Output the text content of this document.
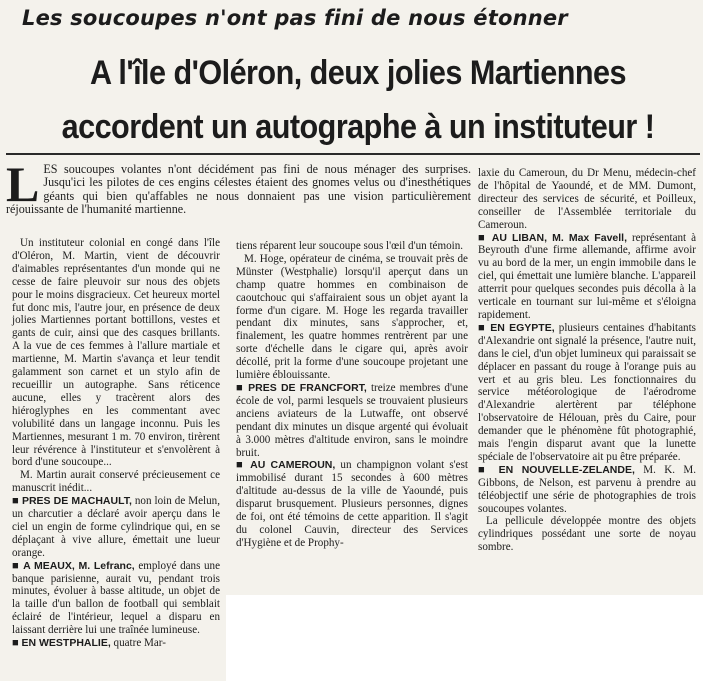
Les soucoupes n'ont pas fini de nous étonner
A l'île d'Oléron, deux jolies Martiennes
accordent un autographe à un instituteur !
LES soucoupes volantes n'ont décidément pas fini de nous ménager des surprises. Jusqu'ici les pilotes de ces engins célestes étaient des gnomes velus ou d'inesthétiques géants qui bien qu'affables ne nous donnaient pas une vision particulièrement réjouissante de l'humanité martienne.

Un instituteur colonial en congé dans l'île d'Oléron, M. Martin, vient de découvrir d'aimables représentantes d'un monde qui ne cesse de faire pleuvoir sur nous des objets pour le moins disgracieux. Cet heureux mortel fut donc mis, l'autre jour, en présence de deux jolies Martiennes portant bottillons, vestes et gants de cuir, ainsi que des casques brillants. A la vue de ces femmes à l'allure martiale et martienne, M. Martin s'avança et leur tendit galamment son carnet et un stylo afin de recueillir un autographe. Sans réticence aucune, elles y tracèrent alors des hiéroglyphes en les commentant avec volubilité dans un langage inconnu. Puis les Martiennes, mesurant 1 m. 70 environ, tirèrent leur révérence à l'instituteur et s'envolèrent à bord d'une soucoupe...

M. Martin aurait conservé précieusement ce manuscrit inédit...

■ PRES DE MACHAULT, non loin de Melun, un charcutier a déclaré avoir aperçu dans le ciel un engin de forme cylindrique qui, en se déplaçant à vive allure, émettait une lueur orange.

■ A MEAUX, M. Lefranc, employé dans une banque parisienne, aurait vu, pendant trois minutes, évoluer à basse altitude, un objet de la taille d'un ballon de football qui semblait éclairé de l'intérieur, lequel a disparu en laissant derrière lui une traînée lumineuse.

■ EN WESTPHALIE, quatre Mar-

tiens réparent leur soucoupe sous l'œil d'un témoin.

M. Hoge, opérateur de cinéma, se trouvait près de Münster (Westphalie) lorsqu'il aperçut dans un champ quatre hommes en combinaison de caoutchouc qui s'affairaient sous un objet ayant la forme d'un cigare. M. Hoge les regarda travailler pendant dix minutes, sans s'approcher, et, finalement, les quatre hommes rentrèrent par une sorte d'échelle dans le cigare qui, après avoir décollé, prit la forme d'une soucoupe projetant une lumière éblouissante.

■ PRES DE FRANCFORT, treize membres d'une école de vol, parmi lesquels se trouvaient plusieurs anciens aviateurs de la Lutwaffe, ont observé pendant dix minutes un disque argenté qui évoluait à 3.000 mètres d'altitude environ, sans le moindre bruit.

■ AU CAMEROUN, un champignon volant s'est immobilisé durant 15 secondes à 600 mètres d'altitude au-dessus de la ville de Yaoundé, puis disparut brusquement. Plusieurs personnes, dignes de foi, ont été témoins de cette apparition. Il s'agit du colonel Cauvin, directeur des Services d'Hygiène et de Prophy-

laxie du Cameroun, du Dr Menu, médecin-chef de l'hôpital de Yaoundé, et de MM. Dumont, directeur des services de sécurité, et Poilleux, conseiller de l'Assemblée territoriale du Cameroun.

■ AU LIBAN, M. Max Favell, représentant à Beyrouth d'une firme allemande, affirme avoir vu au bord de la mer, un engin immobile dans le ciel, qui émettait une lumière blanche. L'appareil atterrit pour quelques secondes puis décolla à la verticale en tournant sur lui-même et s'éloigna rapidement.

■ EN EGYPTE, plusieurs centaines d'habitants d'Alexandrie ont signalé la présence, l'autre nuit, dans le ciel, d'un objet lumineux qui paraissait se déplacer en passant du rouge à l'orange puis au vert et au gris bleu. Les fonctionnaires du service météorologique de l'aérodrome d'Alexandrie alertèrent par téléphone l'observatoire de Hélouan, près du Caire, pour demander que le phénomène fût photographié, mais l'engin disparut avant que la lunette spéciale de l'observatoire ait pu être préparée.

■ EN NOUVELLE-ZELANDE, M. K. M. Gibbons, de Nelson, est parvenu à prendre au téléobjectif une série de photographies de trois soucoupes volantes.

La pellicule développée montre des objets cylindriques possédant une sorte de noyau sombre.
